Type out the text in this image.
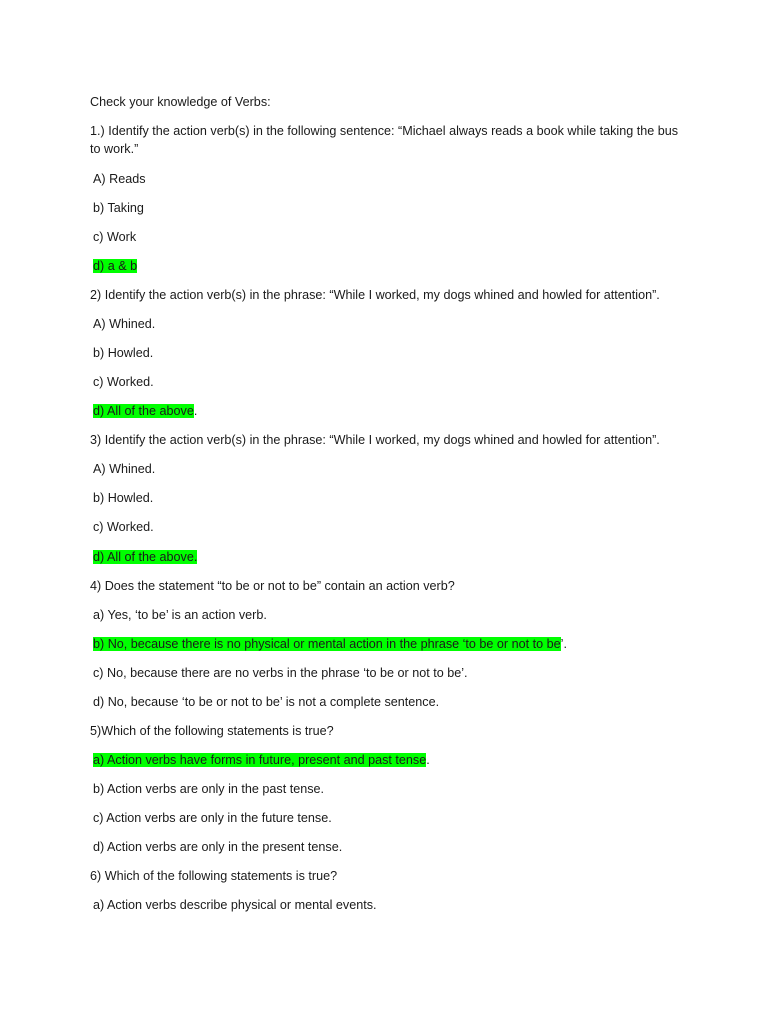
Check your knowledge of Verbs:
1.) Identify the action verb(s) in the following sentence: “Michael always reads a book while taking the bus to work.”
A) Reads
b) Taking
c) Work
d) a & b
2) Identify the action verb(s) in the phrase: “While I worked, my dogs whined and howled for attention”.
A) Whined.
b) Howled.
c) Worked.
d) All of the above.
3) Identify the action verb(s) in the phrase: “While I worked, my dogs whined and howled for attention”.
A) Whined.
b) Howled.
c) Worked.
d) All of the above.
4) Does the statement “to be or not to be” contain an action verb?
a) Yes, ‘to be’ is an action verb.
b) No, because there is no physical or mental action in the phrase ‘to be or not to be’.
c) No, because there are no verbs in the phrase ‘to be or not to be’.
d) No, because ‘to be or not to be’ is not a complete sentence.
5)Which of the following statements is true?
a) Action verbs have forms in future, present and past tense.
b) Action verbs are only in the past tense.
c) Action verbs are only in the future tense.
d) Action verbs are only in the present tense.
6) Which of the following statements is true?
a) Action verbs describe physical or mental events.
